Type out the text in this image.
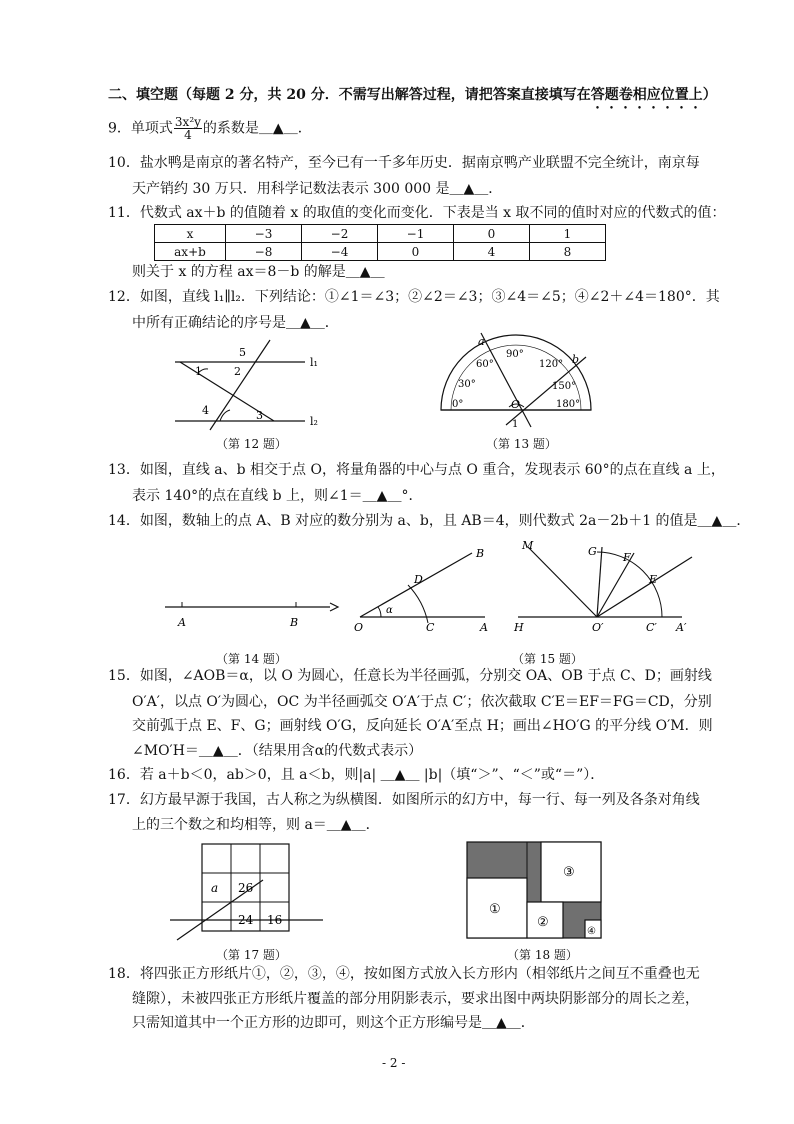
二、填空题（每题 2 分，共 20 分．不需写出解答过程，请把答案直接填写在答题卷相应位置上）
9．单项式 $\frac{\text{3x²y}}{4}$ 的系数是＿▲＿．
10．盐水鸭是南京的著名特产，至今已有一千多年历史．据南京鸭产业联盟不完全统计，南京每
天产销约 30 万只．用科学记数法表示 300 000 是＿▲＿．
11．代数式 ax＋b 的值随着 x 的取值的变化而变化．下表是当 x 取不同的值时对应的代数式的值：
x	−3	−2	−1	0	1
ax+b	−8	−4	0	4	8
则关于 x 的方程 ax＝8－b 的解是＿▲＿
12．如图，直线 l₁∥l₂．下列结论：①∠1＝∠3；②∠2＝∠3；③∠4＝∠5；④∠2＋∠4＝180°．其
中所有正确结论的序号是＿▲＿．
5
2
1
4	3
l₁
l₂
（第 12 题）
a
b
90°
60°	120°
30°	150°
0°	180°
O
1
（第 13 题）
13．如图，直线 a、b 相交于点 O，将量角器的中心与点 O 重合，发现表示 60°的点在直线 a 上，
表示 140°的点在直线 b 上，则∠1＝＿▲＿°．
14．如图，数轴上的点 A、B 对应的数分别为 a、b，且 AB＝4，则代数式 2a－2b＋1 的值是＿▲＿．
A	B
（第 14 题）
B
D
α
O	C	A
M	G F
E
H	O′	C′ A′
（第 15 题）
15．如图，∠AOB＝α，以 O 为圆心，任意长为半径画弧，分别交 OA、OB 于点 C、D；画射线
O′A′，以点 O′为圆心，OC 为半径画弧交 O′A′于点 C′；依次截取 C′E＝EF＝FG＝CD，分别
交前弧于点 E、F、G；画射线 O′G，反向延长 O′A′至点 H；画出∠HO′G 的平分线 O′M．则
∠MO′H＝＿▲＿．（结果用含α的代数式表示）
16．若 a＋b＜0，ab＞0，且 a＜b，则|a| ＿▲＿ |b|（填“＞”、“＜”或“＝”）．
17．幻方最早源于我国，古人称之为纵横图．如图所示的幻方中，每一行、每一列及各条对角线
上的三个数之和均相等，则 a＝＿▲＿．
a 26
24 16
（第 17 题）
③
①
②
④
（第 18 题）
18．将四张正方形纸片①，②，③，④，按如图方式放入长方形内（相邻纸片之间互不重叠也无
缝隙），未被四张正方形纸片覆盖的部分用阴影表示，要求出图中两块阴影部分的周长之差，
只需知道其中一个正方形的边即可，则这个正方形编号是＿▲＿．
- 2 -
